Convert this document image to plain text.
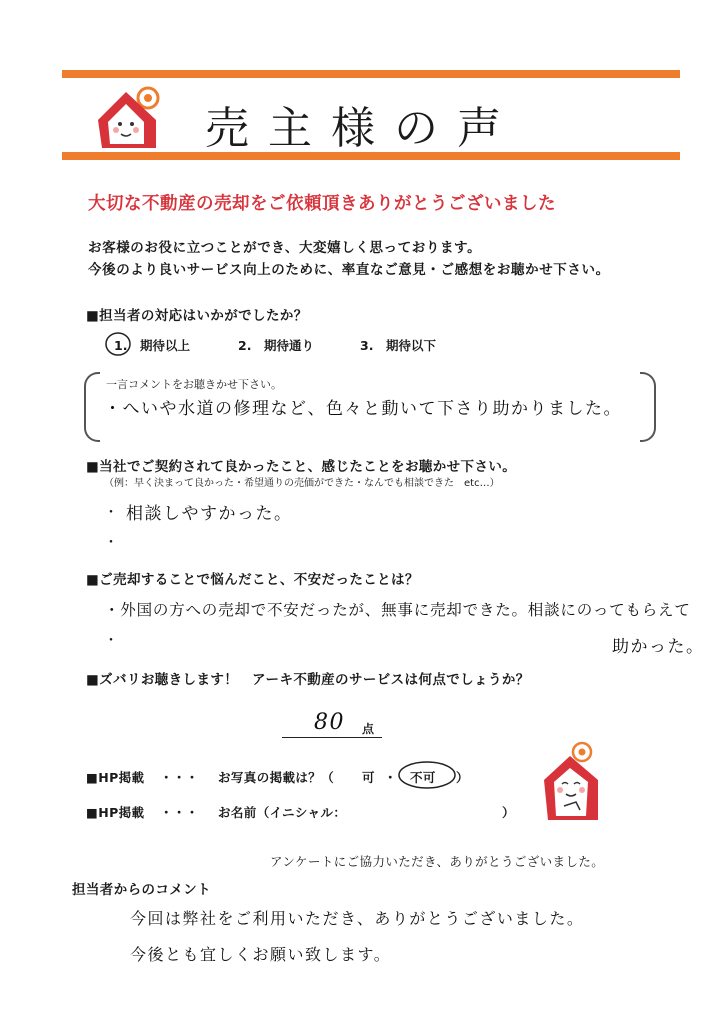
売主様の声
大切な不動産の売却をご依頼頂きありがとうございました
お客様のお役に立つことができ、大変嬉しく思っております。
今後のより良いサービス向上のために、率直なご意見・ご感想をお聴かせ下さい。
■担当者の対応はいかがでしたか？
1.　期待以上	2.　期待通り	3.　期待以下
一言コメントをお聴きかせ下さい。
・へいや水道の修理など、色々と動いて下さり助かりました。
■当社でご契約されて良かったこと、感じたことをお聴かせ下さい。
（例：早く決まって良かった・希望通りの売価ができた・なんでも相談できた　etc…）
・ 相談しやすかった。
・
■ご売却することで悩んだこと、不安だったことは？
・外国の方への売却で不安だったが、無事に売却できた。相談にのってもらえて
・	助かった。
■ズバリお聴きします！　アーキ不動産のサービスは何点でしょうか？
80 点
■HP掲載 ・・・ お写真の掲載は？（ 可 ・ 不可 ）
■HP掲載 ・・・ お名前（イニシャル：	）
アンケートにご協力いただき、ありがとうございました。
担当者からのコメント
今回は弊社をご利用いただき、ありがとうございました。
今後とも宜しくお願い致します。
